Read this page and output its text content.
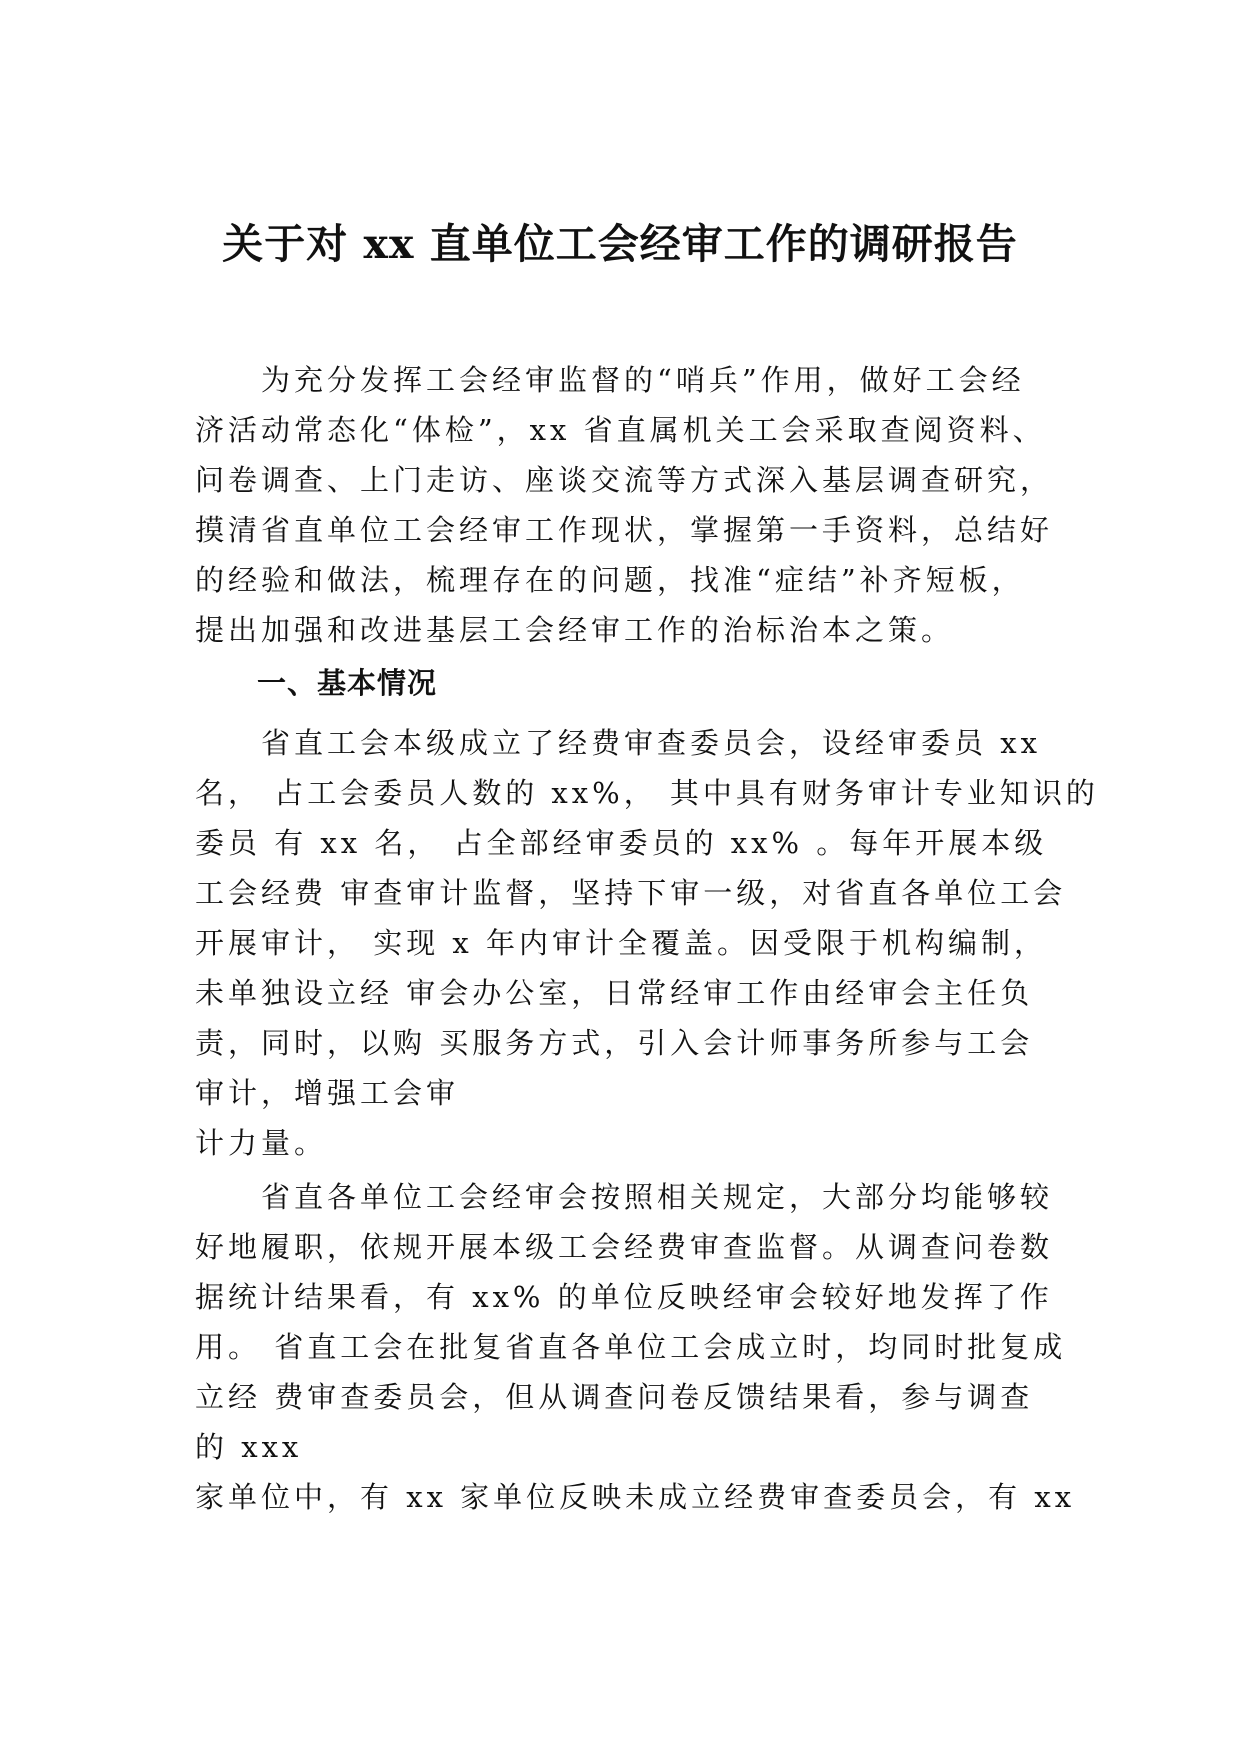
关于对 xx 直单位工会经审工作的调研报告
为充分发挥工会经审监督的“哨兵”作用，做好工会经
济活动常态化“体检”，xx 省直属机关工会采取查阅资料、
问卷调查、上门走访、座谈交流等方式深入基层调查研究，
摸清省直单位工会经审工作现状，掌握第一手资料，总结好
的经验和做法，梳理存在的问题，找准“症结”补齐短板，
提出加强和改进基层工会经审工作的治标治本之策。
一、基本情况
省直工会本级成立了经费审查委员会，设经审委员 xx
名， 占工会委员人数的 xx%， 其中具有财务审计专业知识的
委员 有 xx 名， 占全部经审委员的 xx% 。每年开展本级
工会经费 审查审计监督，坚持下审一级，对省直各单位工会
开展审计， 实现 x 年内审计全覆盖。因受限于机构编制，
未单独设立经 审会办公室，日常经审工作由经审会主任负
责，同时，以购 买服务方式，引入会计师事务所参与工会
审计，增强工会审
计力量。
省直各单位工会经审会按照相关规定，大部分均能够较
好地履职，依规开展本级工会经费审查监督。从调查问卷数
据统计结果看，有 xx% 的单位反映经审会较好地发挥了作
用。 省直工会在批复省直各单位工会成立时，均同时批复成
立经 费审查委员会，但从调查问卷反馈结果看，参与调查
的 xxx
家单位中，有 xx 家单位反映未成立经费审查委员会，有 xx
